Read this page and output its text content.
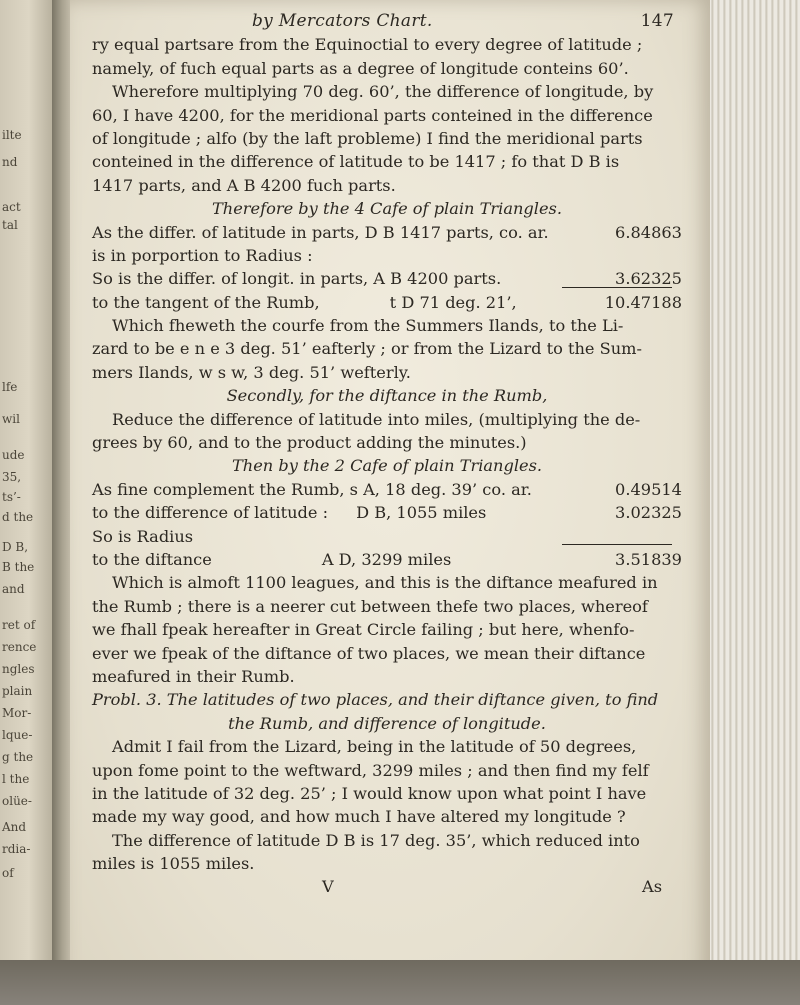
ilte
nd
act
tal
lfe
wil
ude
35,
ts’-
d the
D B,
B the
and
ret of
rence
ngles
plain
Mor-
lque-
g the
l the
olüe-
And
rdia-
of
by Mercators Chart.	147
ry equal partsare from the Equinoctial to every degree of latitude ;
namely, of fuch equal parts as a degree of longitude conteins 60’.
Wherefore multiplying 70 deg. 60’, the difference of longitude, by
60, I have 4200, for the meridional parts conteined in the difference
of longitude ; alfo (by the laft probleme) I find the meridional parts
conteined in the difference of latitude to be 1417 ; fo that D B is
1417 parts, and A B 4200 fuch parts.
Therefore by the 4 Cafe of plain Triangles.
As the differ. of latitude in parts, D B 1417 parts, co. ar.	6.84863
is in porportion to Radius :
So is the differ. of longit. in parts, A B 4200 parts.	3.62325
to the tangent of the Rumb,	t D 71 deg. 21’,	10.47188
Which fheweth the courfe from the Summers Ilands, to the Li-
zard to be e n e 3 deg. 51’ eafterly ; or from the Lizard to the Sum-
mers Ilands, w s w, 3 deg. 51’ wefterly.
Secondly, for the diftance in the Rumb,
Reduce the difference of latitude into miles, (multiplying the de-
grees by 60, and to the product adding the minutes.)
Then by the 2 Cafe of plain Triangles.
As fine complement the Rumb, s A, 18 deg. 39’ co. ar.	0.49514
to the difference of latitude : D B, 1055 miles	3.02325
So is Radius
to the diftance	A D, 3299 miles	3.51839
Which is almoft 1100 leagues, and this is the diftance meafured in
the Rumb ; there is a neerer cut between thefe two places, whereof
we fhall fpeak hereafter in Great Circle failing ; but here, whenfo-
ever we fpeak of the diftance of two places, we mean their diftance
meafured in their Rumb.
Probl. 3. The latitudes of two places, and their diftance given, to find
the Rumb, and difference of longitude.
Admit I fail from the Lizard, being in the latitude of 50 degrees,
upon fome point to the weftward, 3299 miles ; and then find my felf
in the latitude of 32 deg. 25’ ; I would know upon what point I have
made my way good, and how much I have altered my longitude ?
The difference of latitude D B is 17 deg. 35’, which reduced into
miles is 1055 miles.
V	As
